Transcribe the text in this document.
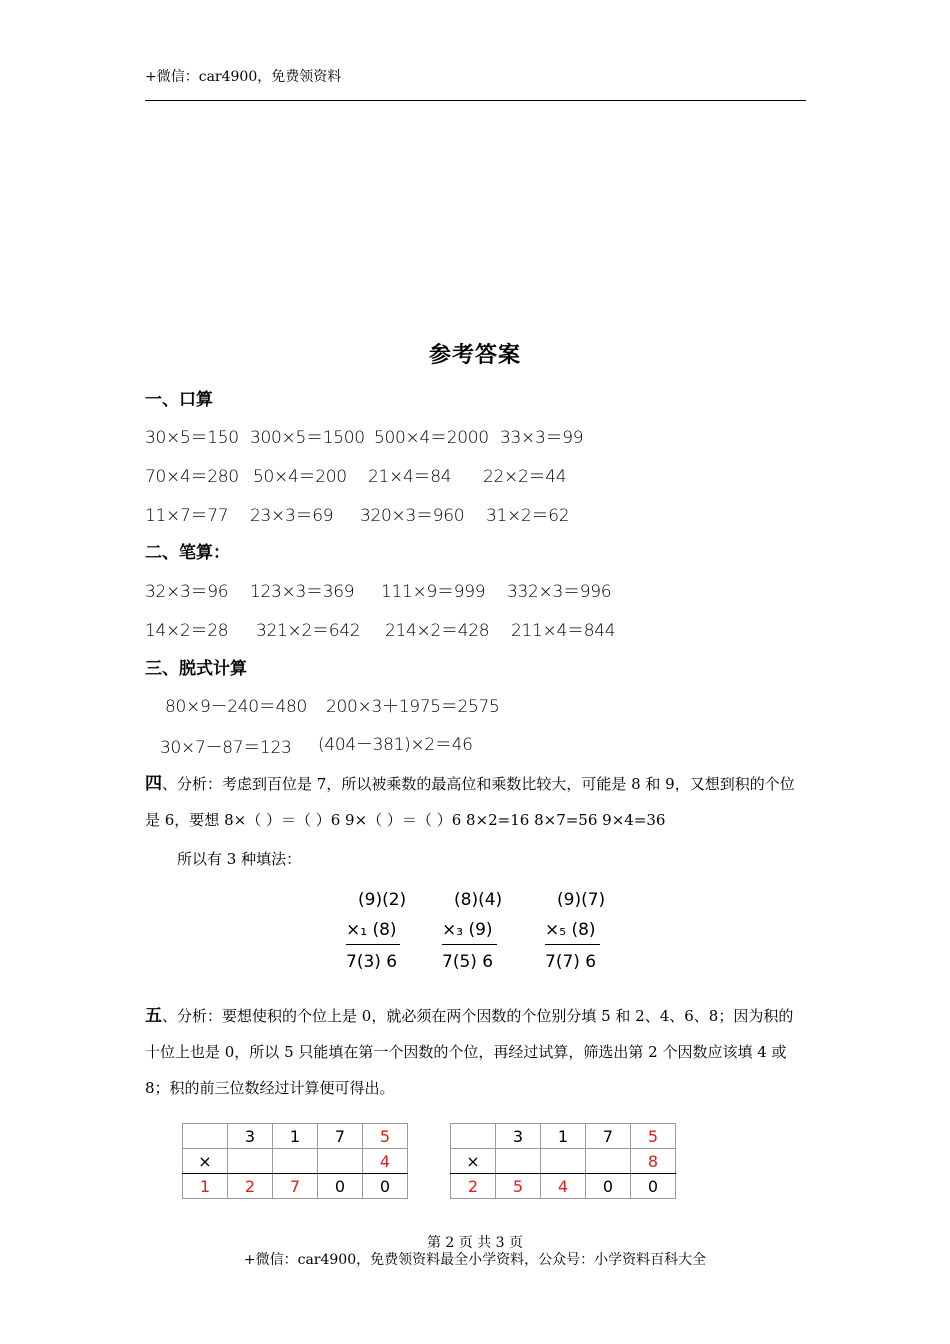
+微信：car4900，免费领资料
参考答案
一、口算
30×5＝150 300×5＝1500 500×4＝2000 33×3＝99
70×4＝280 50×4＝200 21×4＝84 22×2＝44
11×7＝77 23×3＝69 320×3＝960 31×2＝62
二、笔算：
32×3＝96 123×3＝369 111×9＝999 332×3＝996
14×2＝28 321×2＝642 214×2＝428 211×4＝844
三、脱式计算
80×9－240＝480 200×3＋1975＝2575
30×7－87＝123 (404－381)×2＝46
四、分析：考虑到百位是 7，所以被乘数的最高位和乘数比较大，可能是 8 和 9，又想到积的个位是 6，要想 8×（ ）＝（ ）6 9×（ ）＝（ ）6 8×2=16 8×7=56 9×4=36
所以有 3 种填法：
(9)(2)
×₁ (8)
7(3) 6
(8)(4)
×₃ (9)
7(5) 6
(9)(7)
×₅ (8)
7(7) 6
五、分析：要想使积的个位上是 0，就必须在两个因数的个位别分填 5 和 2、4、6、8；因为积的十位上也是 0，所以 5 只能填在第一个因数的个位，再经过试算，筛选出第 2 个因数应该填 4 或 8；积的前三位数经过计算便可得出。
	3	1	7	5
×				4
1	2	7	0	0
	3	1	7	5
×				8
2	5	4	0	0
第 2 页 共 3 页
+微信：car4900，免费领资料最全小学资料，公众号：小学资料百科大全
